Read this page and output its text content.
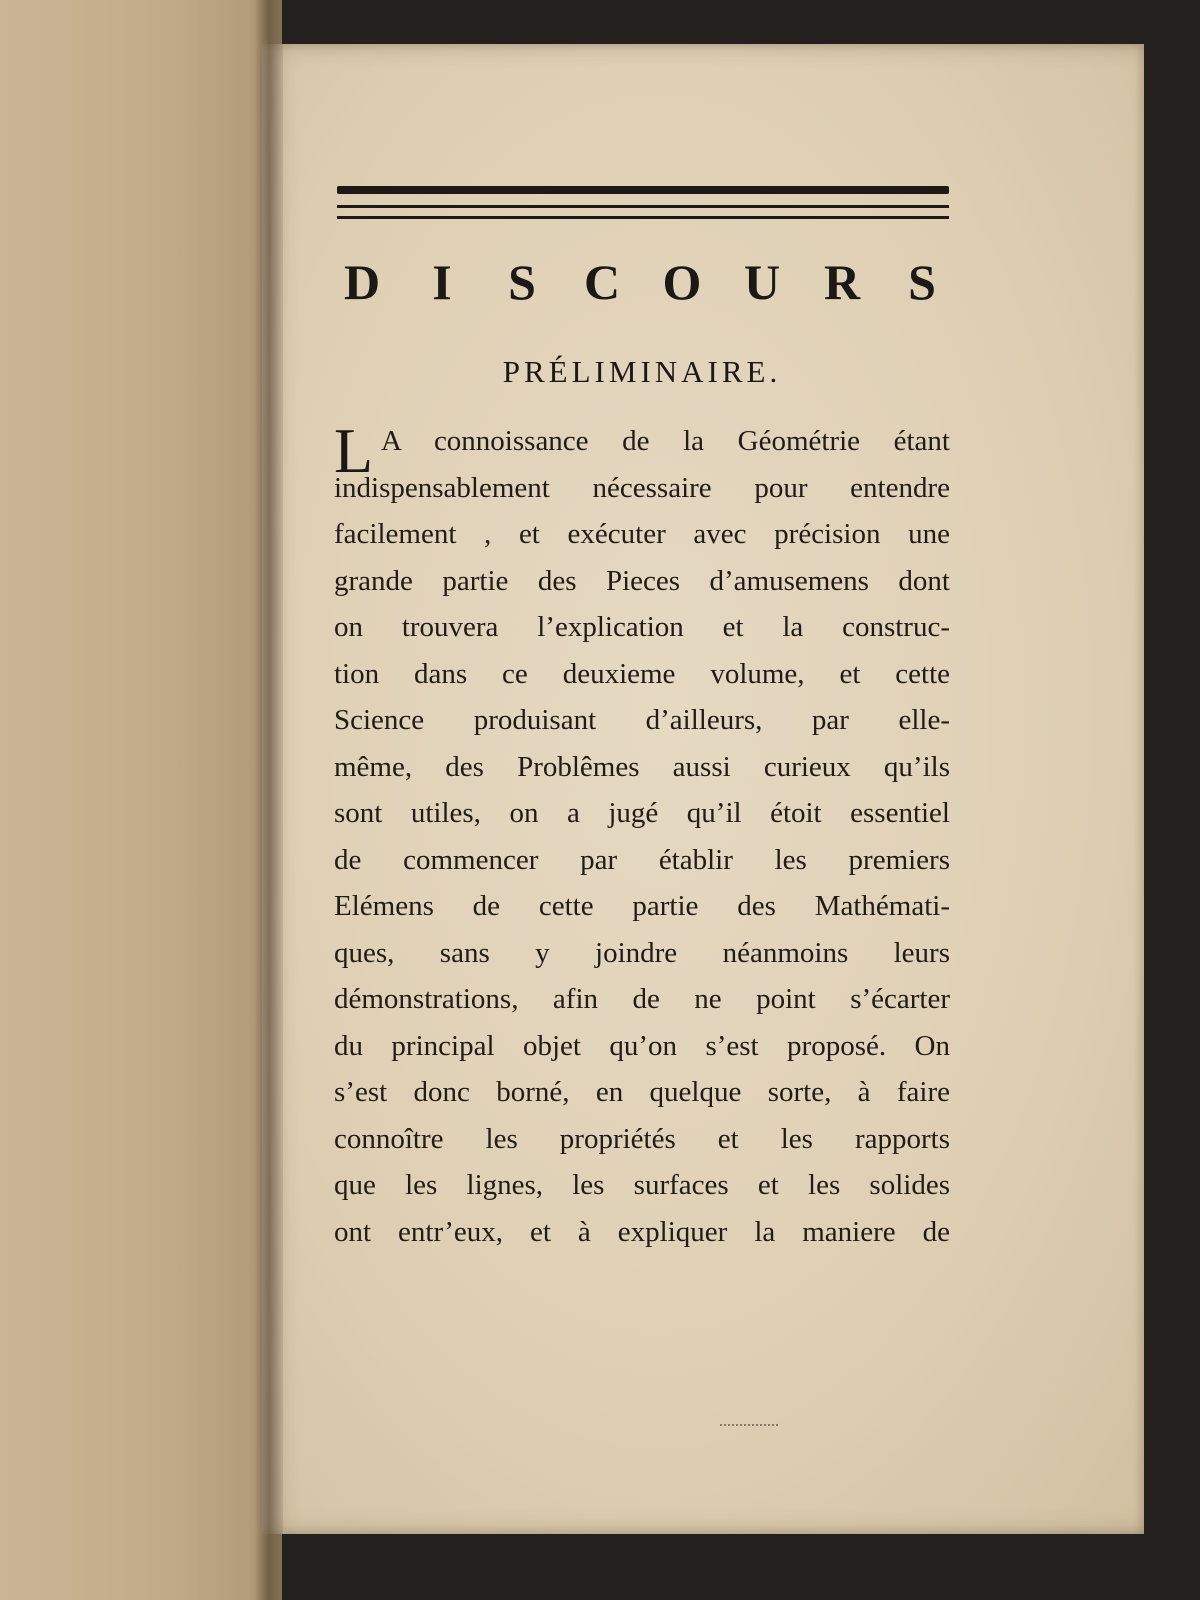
D I S C O U R S
PRÉLIMINAIRE.
L A connoissance de la Géométrie étant
indispensablement nécessaire pour entendre
facilement , et exécuter avec précision une
grande partie des Pieces d’amusemens dont
on trouvera l’explication et la construc-
tion dans ce deuxieme volume, et cette
Science produisant d’ailleurs, par elle-
même, des Problêmes aussi curieux qu’ils
sont utiles, on a jugé qu’il étoit essentiel
de commencer par établir les premiers
Elémens de cette partie des Mathémati-
ques, sans y joindre néanmoins leurs
démonstrations, afin de ne point s’écarter
du principal objet qu’on s’est proposé. On
s’est donc borné, en quelque sorte, à faire
connoître les propriétés et les rapports
que les lignes, les surfaces et les solides
ont entr’eux, et à expliquer la maniere de
